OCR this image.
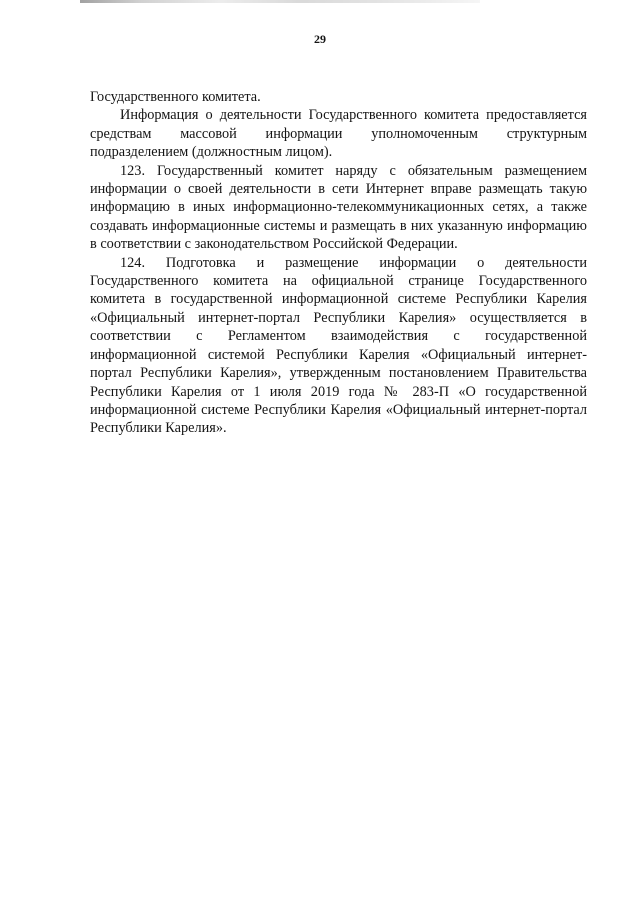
29

Государственного комитета.

Информация о деятельности Государственного комитета предоставляется средствам массовой информации уполномоченным структурным подразделением (должностным лицом).

123. Государственный комитет наряду с обязательным размещением информации о своей деятельности в сети Интернет вправе размещать такую информацию в иных информационно-телекоммуникационных сетях, а также создавать информационные системы и размещать в них указанную информацию в соответствии с законодательством Российской Федерации.

124. Подготовка и размещение информации о деятельности Государственного комитета на официальной странице Государственного комитета в государственной информационной системе Республики Карелия «Официальный интернет-портал Республики Карелия» осуществляется в соответствии с Регламентом взаимодействия с государственной информационной системой Республики Карелия «Официальный интернет-портал Республики Карелия», утвержденным постановлением Правительства Республики Карелия от 1 июля 2019 года № 283-П «О государственной информационной системе Республики Карелия «Официальный интернет-портал Республики Карелия».
